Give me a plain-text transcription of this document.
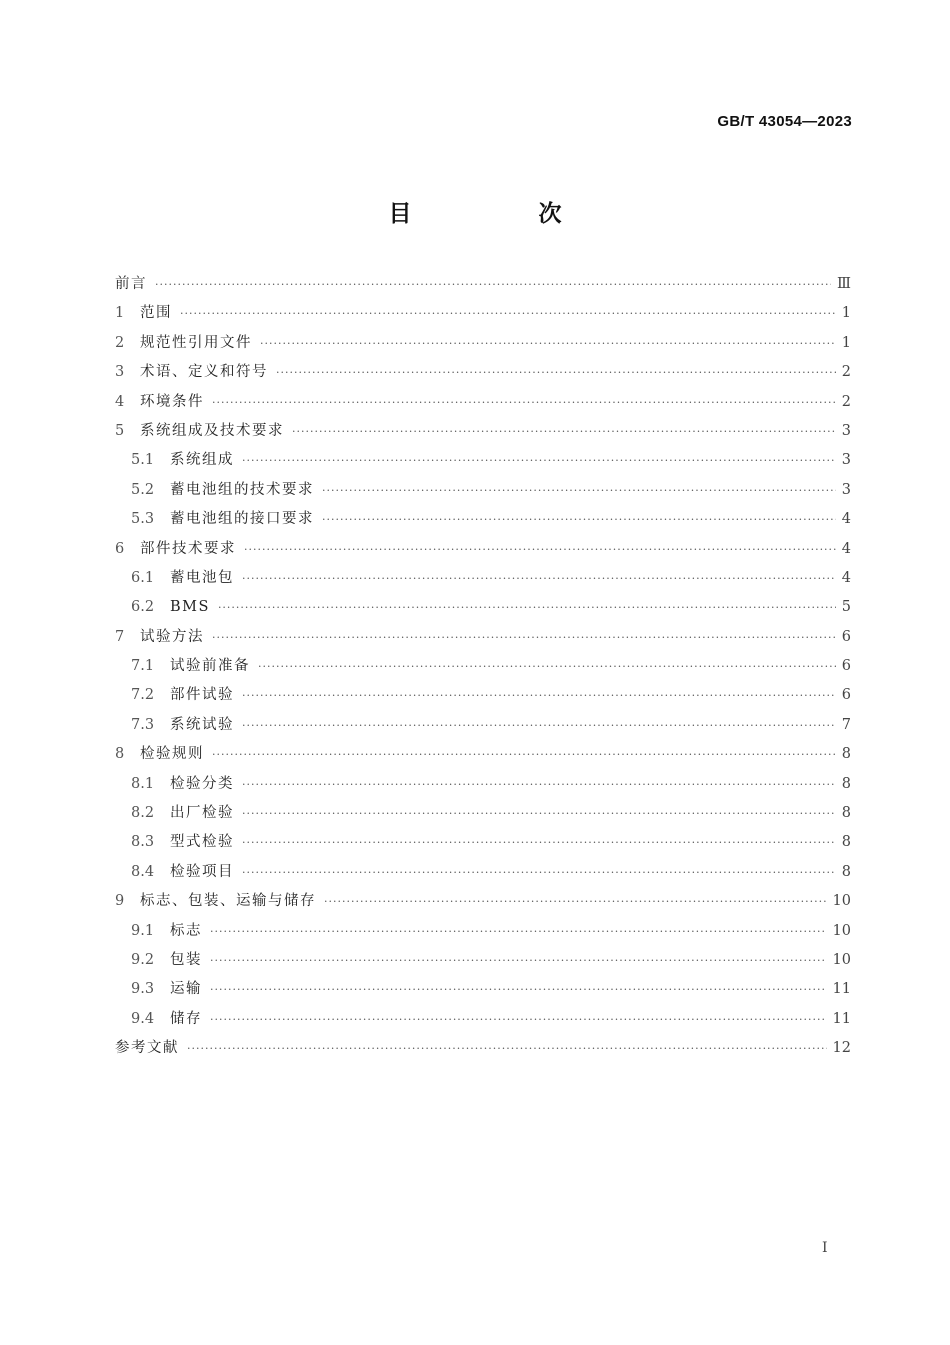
GB/T 43054—2023
目　次
前言 ·····	Ⅲ
1	范围 ·····	1
2	规范性引用文件 ·····	1
3	术语、定义和符号 ·····	2
4	环境条件 ·····	2
5	系统组成及技术要求 ·····	3
5.1	系统组成 ·····	3
5.2	蓄电池组的技术要求 ·····	3
5.3	蓄电池组的接口要求 ·····	4
6	部件技术要求 ·····	4
6.1	蓄电池包 ·····	4
6.2	BMS ·····	5
7	试验方法 ·····	6
7.1	试验前准备 ·····	6
7.2	部件试验 ·····	6
7.3	系统试验 ·····	7
8	检验规则 ·····	8
8.1	检验分类 ·····	8
8.2	出厂检验 ·····	8
8.3	型式检验 ·····	8
8.4	检验项目 ·····	8
9	标志、包装、运输与储存 ·····	10
9.1	标志 ·····	10
9.2	包装 ·····	10
9.3	运输 ·····	11
9.4	储存 ·····	11
参考文献 ·····	12
Ⅰ
